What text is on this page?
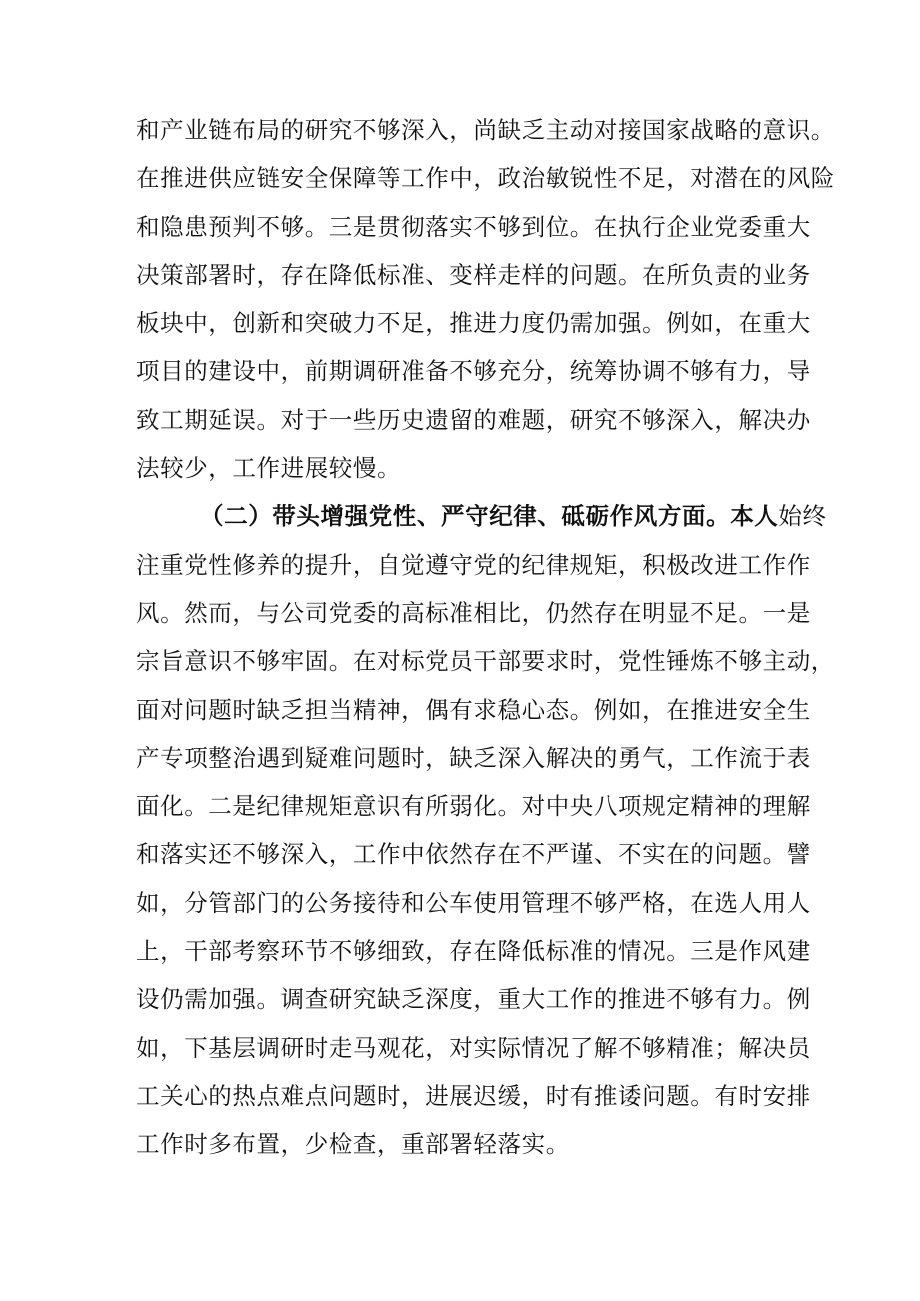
和产业链布局的研究不够深入，尚缺乏主动对接国家战略的意识。
在推进供应链安全保障等工作中，政治敏锐性不足，对潜在的风险
和隐患预判不够。三是贯彻落实不够到位。在执行企业党委重大
决策部署时，存在降低标准、变样走样的问题。在所负责的业务
板块中，创新和突破力不足，推进力度仍需加强。例如，在重大
项目的建设中，前期调研准备不够充分，统筹协调不够有力，导
致工期延误。对于一些历史遗留的难题，研究不够深入，解决办
法较少，工作进展较慢。
（二）带头增强党性、严守纪律、砥砺作风方面。本人始终
注重党性修养的提升，自觉遵守党的纪律规矩，积极改进工作作
风。然而，与公司党委的高标准相比，仍然存在明显不足。一是
宗旨意识不够牢固。在对标党员干部要求时，党性锤炼不够主动，
面对问题时缺乏担当精神，偶有求稳心态。例如，在推进安全生
产专项整治遇到疑难问题时，缺乏深入解决的勇气，工作流于表
面化。二是纪律规矩意识有所弱化。对中央八项规定精神的理解
和落实还不够深入，工作中依然存在不严谨、不实在的问题。譬
如，分管部门的公务接待和公车使用管理不够严格，在选人用人
上，干部考察环节不够细致，存在降低标准的情况。三是作风建
设仍需加强。调查研究缺乏深度，重大工作的推进不够有力。例
如，下基层调研时走马观花，对实际情况了解不够精准；解决员
工关心的热点难点问题时，进展迟缓，时有推诿问题。有时安排
工作时多布置，少检查，重部署轻落实。
